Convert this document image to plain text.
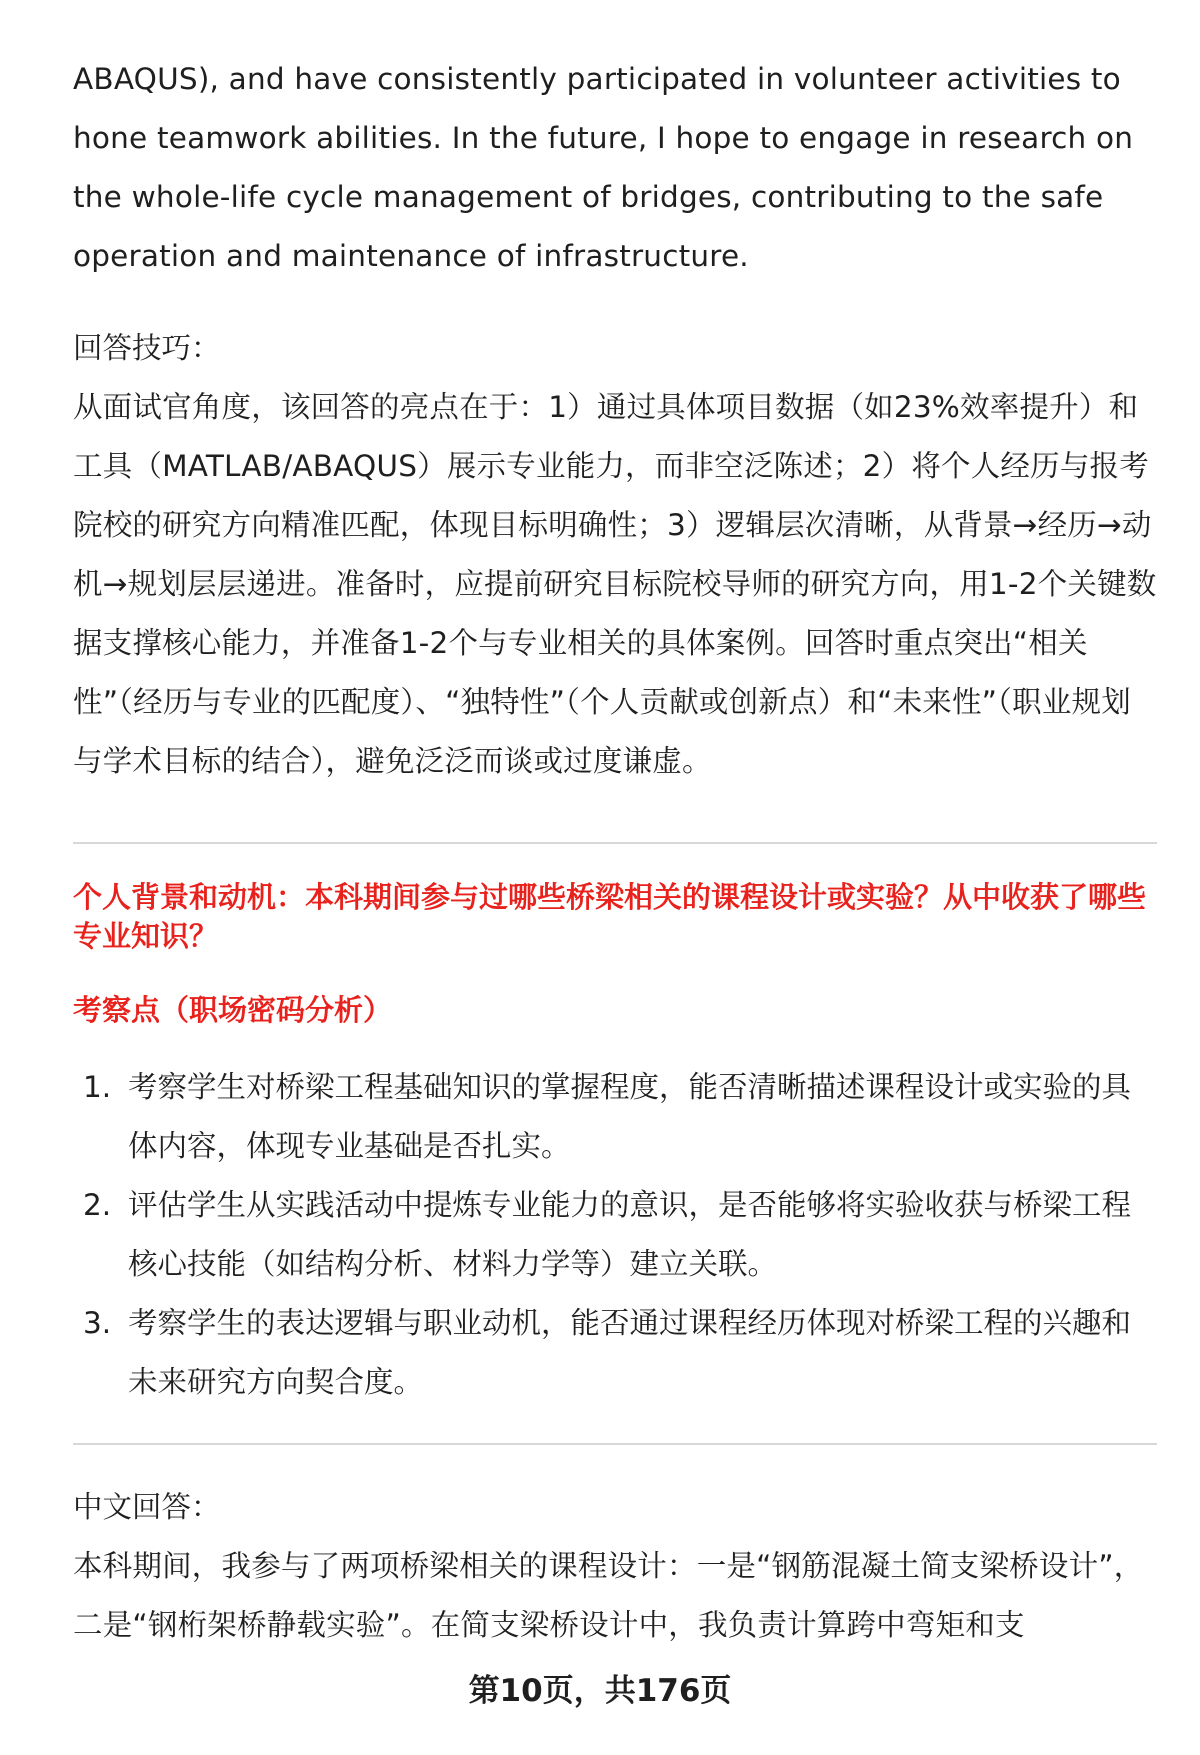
ABAQUS), and have consistently participated in volunteer activities to hone teamwork abilities. In the future, I hope to engage in research on the whole-life cycle management of bridges, contributing to the safe operation and maintenance of infrastructure.

回答技巧：

从面试官角度，该回答的亮点在于：1）通过具体项目数据（如23%效率提升）和工具（MATLAB/ABAQUS）展示专业能力，而非空泛陈述；2）将个人经历与报考院校的研究方向精准匹配，体现目标明确性；3）逻辑层次清晰，从背景→经历→动机→规划层层递进。准备时，应提前研究目标院校导师的研究方向，用1-2个关键数据支撑核心能力，并准备1-2个与专业相关的具体案例。回答时重点突出“相关性”（经历与专业的匹配度）、“独特性”（个人贡献或创新点）和“未来性”（职业规划与学术目标的结合），避免泛泛而谈或过度谦虚。

个人背景和动机：本科期间参与过哪些桥梁相关的课程设计或实验？从中收获了哪些专业知识？
考察点（职场密码分析）
1. 考察学生对桥梁工程基础知识的掌握程度，能否清晰描述课程设计或实验的具体内容，体现专业基础是否扎实。
2. 评估学生从实践活动中提炼专业能力的意识，是否能够将实验收获与桥梁工程核心技能（如结构分析、材料力学等）建立关联。
3. 考察学生的表达逻辑与职业动机，能否通过课程经历体现对桥梁工程的兴趣和未来研究方向契合度。
中文回答：

本科期间，我参与了两项桥梁相关的课程设计：一是“钢筋混凝土简支梁桥设计”，二是“钢桁架桥静载实验”。在简支梁桥设计中，我负责计算跨中弯矩和支

第10页，共176页
